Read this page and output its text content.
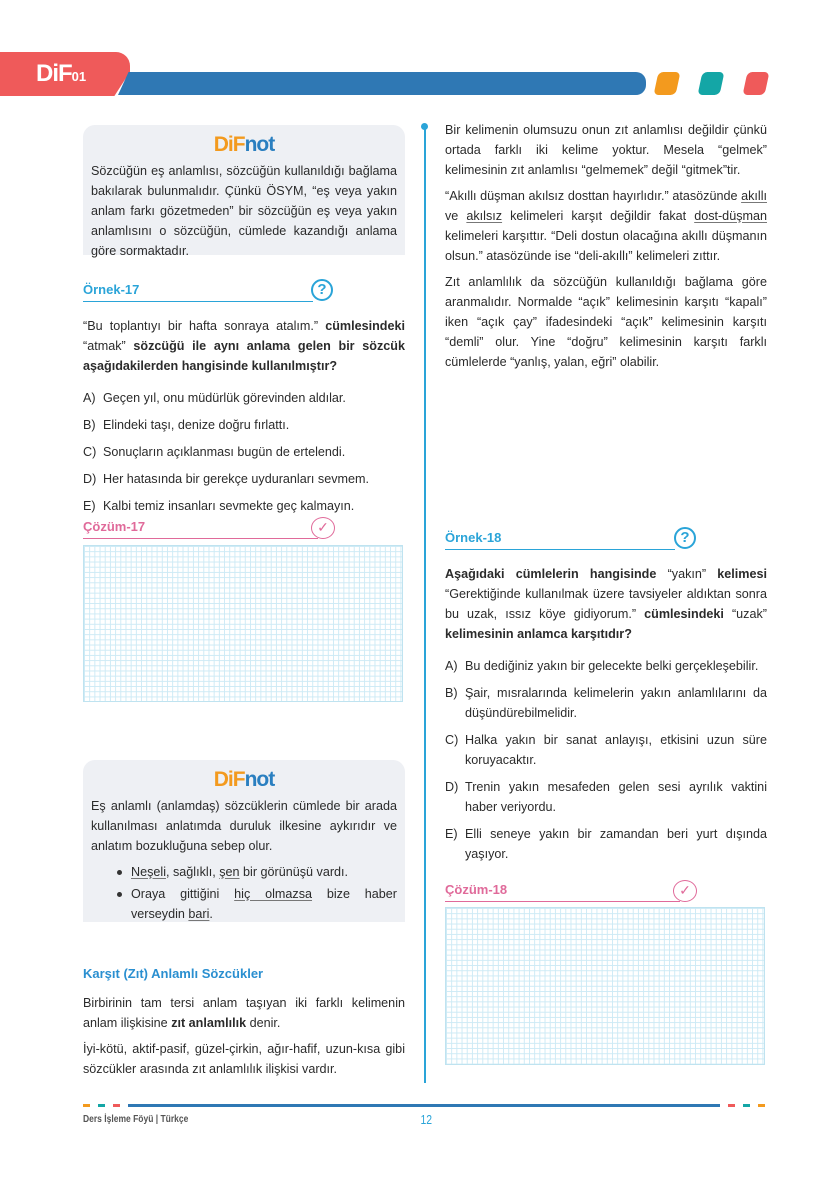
DiF01
DiFnot

Sözcüğün eş anlamlısı, sözcüğün kullanıldığı bağlama bakılarak bulunmalıdır. Çünkü ÖSYM, “eş veya yakın anlam farkı gözetmeden” bir sözcüğün eş veya yakın anlamlısını o sözcüğün, cümlede kazandığı anlama göre sormaktadır.

Örnek-17	?

“Bu toplantıyı bir hafta sonraya atalım.” cümlesindeki “atmak” sözcüğü ile aynı anlama gelen bir sözcük aşağıdakilerden hangisinde kullanılmıştır?

A) Geçen yıl, onu müdürlük görevinden aldılar.
B) Elindeki taşı, denize doğru fırlattı.
C) Sonuçların açıklanması bugün de ertelendi.
D) Her hatasında bir gerekçe uyduranları sevmem.
E) Kalbi temiz insanları sevmekte geç kalmayın.
Çözüm-17	✓
DiFnot

Eş anlamlı (anlamdaş) sözcüklerin cümlede bir arada kullanılması anlatımda duruluk ilkesine aykırıdır ve anlatım bozukluğuna sebep olur.

Neşeli, sağlıklı, şen bir görünüşü vardı.
Oraya gittiğini hiç olmazsa bize haber verseydin bari.
Karşıt (Zıt) Anlamlı Sözcükler

Birbirinin tam tersi anlam taşıyan iki farklı kelimenin anlam ilişkisine zıt anlamlılık denir.

İyi-kötü, aktif-pasif, güzel-çirkin, ağır-hafif, uzun-kısa gibi sözcükler arasında zıt anlamlılık ilişkisi vardır.

Bir kelimenin olumsuzu onun zıt anlamlısı değildir çünkü ortada farklı iki kelime yoktur. Mesela “gelmek” kelimesinin zıt anlamlısı “gelmemek” değil “gitmek”tir.

“Akıllı düşman akılsız dosttan hayırlıdır.” atasözünde akıllı ve akılsız kelimeleri karşıt değildir fakat dost-düşman kelimeleri karşıttır. “Deli dostun olacağına akıllı düşmanın olsun.” atasözünde ise “deli-akıllı” kelimeleri zıttır.

Zıt anlamlılık da sözcüğün kullanıldığı bağlama göre aranmalıdır. Normalde “açık” kelimesinin karşıtı “kapalı” iken “açık çay” ifadesindeki “açık” kelimesinin karşıtı “demli” olur. Yine “doğru” kelimesinin karşıtı farklı cümlelerde “yanlış, yalan, eğri” olabilir.

Örnek-18	?

Aşağıdaki cümlelerin hangisinde “yakın” kelimesi “Gerektiğinde kullanılmak üzere tavsiyeler aldıktan sonra bu uzak, ıssız köye gidiyorum.” cümlesindeki “uzak” kelimesinin anlamca karşıtıdır?

A) Bu dediğiniz yakın bir gelecekte belki gerçekleşebilir.
B) Şair, mısralarında kelimelerin yakın anlamlılarını da düşündürebilmelidir.
C) Halka yakın bir sanat anlayışı, etkisini uzun süre koruyacaktır.
D) Trenin yakın mesafeden gelen sesi ayrılık vaktini haber veriyordu.
E) Elli seneye yakın bir zamandan beri yurt dışında yaşıyor.
Çözüm-18	✓
Ders İşleme Föyü | Türkçe	12
